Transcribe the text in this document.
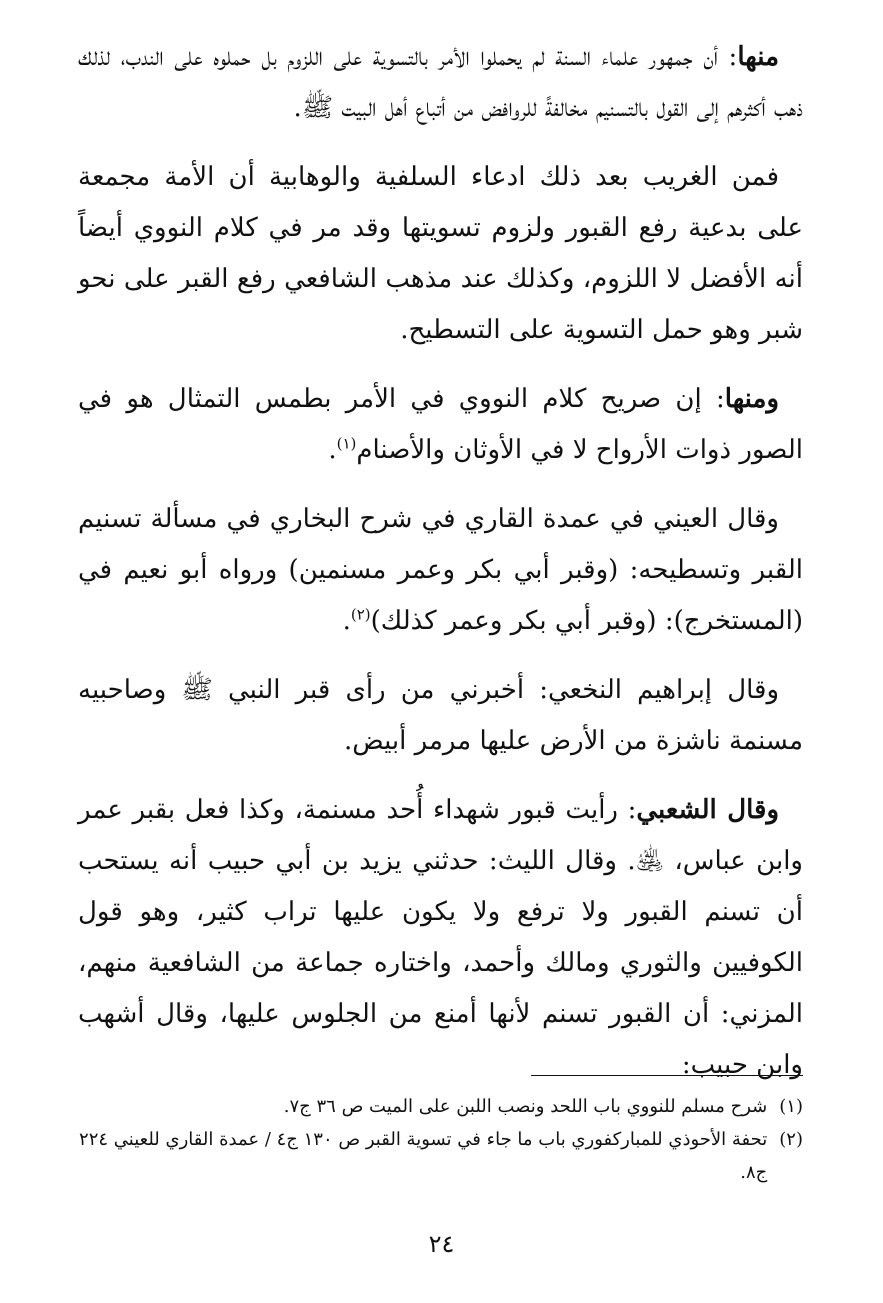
منها: أن جمهور علماء السنة لم يحملوا الأمر بالتسوية على اللزوم بل حملوه على الندب، لذلك ذهب أكثرهم إلى القول بالتسنيم مخالفةً للروافض من أتباع أهل البيت ﷺ.

فمن الغريب بعد ذلك ادعاء السلفية والوهابية أن الأمة مجمعة على بدعية رفع القبور ولزوم تسويتها وقد مر في كلام النووي أيضاً أنه الأفضل لا اللزوم، وكذلك عند مذهب الشافعي رفع القبر على نحو شبر وهو حمل التسوية على التسطيح.

ومنها: إن صريح كلام النووي في الأمر بطمس التمثال هو في الصور ذوات الأرواح لا في الأوثان والأصنام$^{(١)}$.

وقال العيني في عمدة القاري في شرح البخاري في مسألة تسنيم القبر وتسطيحه: (وقبر أبي بكر وعمر مسنمين) ورواه أبو نعيم في (المستخرج): (وقبر أبي بكر وعمر كذلك)$^{(٢)}$.

وقال إبراهيم النخعي: أخبرني من رأى قبر النبي ﷺ وصاحبيه مسنمة ناشزة من الأرض عليها مرمر أبيض.

وقال الشعبي: رأيت قبور شهداء أُحد مسنمة، وكذا فعل بقبر عمر وابن عباس، ﵁. وقال الليث: حدثني يزيد بن أبي حبيب أنه يستحب أن تسنم القبور ولا ترفع ولا يكون عليها تراب كثير، وهو قول الكوفيين والثوري ومالك وأحمد، واختاره جماعة من الشافعية منهم، المزني: أن القبور تسنم لأنها أمنع من الجلوس عليها، وقال أشهب وابن حبيب:

(١)
شرح مسلم للنووي باب اللحد ونصب اللبن على الميت ص ٣٦ ج٧.

(٢)
تحفة الأحوذي للمباركفوري باب ما جاء في تسوية القبر ص ١٣٠ ج٤ / عمدة القاري للعيني ٢٢٤ ج٨.

٢٤
